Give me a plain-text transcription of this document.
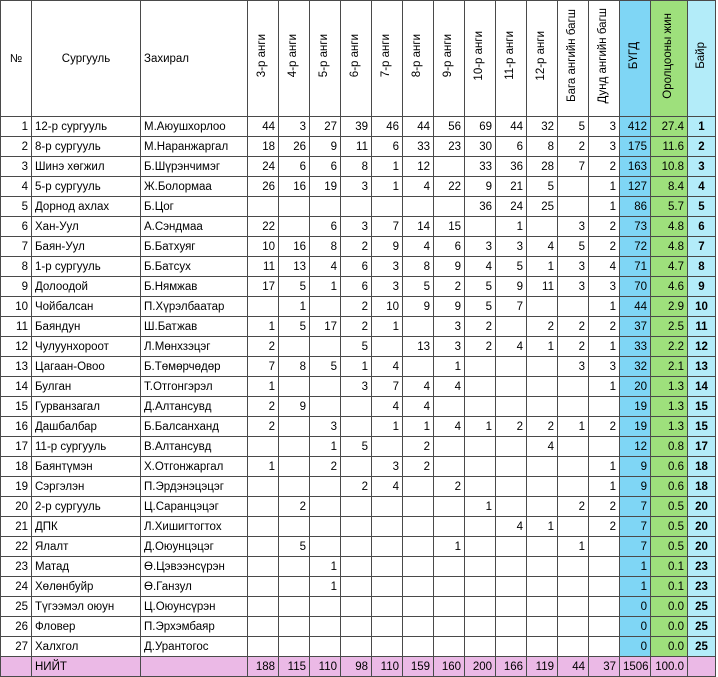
№	Сургууль	Захирал	3-р анги	4-р анги	5-р анги	6-р анги	7-р анги	8-р анги	9-р анги	10-р анги	11-р анги	12-р анги	Бага ангийн багш	Дунд ангийн багш	БҮГД	Оролцооны жин	Байр
1	12-р сургууль	М.Аюушхорлоо	44	3	27	39	46	44	56	69	44	32	5	3	412	27.4	1
2	8-р сургууль	М.Наранжаргал	18	26	9	11	6	33	23	30	6	8	2	3	175	11.6	2
3	Шинэ хөгжил	Б.Шүрэнчимэг	24	6	6	8	1	12		33	36	28	7	2	163	10.8	3
4	5-р сургууль	Ж.Болормаа	26	16	19	3	1	4	22	9	21	5		1	127	8.4	4
5	Дорнод ахлах	Б.Цог								36	24	25		1	86	5.7	5
6	Хан-Уул	А.Сэндмаа	22		6	3	7	14	15		1		3	2	73	4.8	6
7	Баян-Уул	Б.Батхуяг	10	16	8	2	9	4	6	3	3	4	5	2	72	4.8	7
8	1-р сургууль	Б.Батсух	11	13	4	6	3	8	9	4	5	1	3	4	71	4.7	8
9	Долоодой	Б.Нямжав	17	5	1	6	3	5	2	5	9	11	3	3	70	4.6	9
10	Чойбалсан	П.Хүрэлбаатар		1		2	10	9	9	5	7			1	44	2.9	10
11	Баяндун	Ш.Батжав	1	5	17	2	1		3	2		2	2	2	37	2.5	11
12	Чулуунхороот	Л.Мөнхзэцэг	2			5		13	3	2	4	1	2	1	33	2.2	12
13	Цагаан-Овоо	Б.Төмөрчөдөр	7	8	5	1	4		1				3	3	32	2.1	13
14	Булган	Т.Отгонгэрэл	1			3	7	4	4					1	20	1.3	14
15	Гурванзагал	Д.Алтансувд	2	9			4	4							19	1.3	15
16	Дашбалбар	Б.Балсанханд	2		3		1	1	4	1	2	2	1	2	19	1.3	15
17	11-р сургууль	В.Алтансувд			1	5		2				4			12	0.8	17
18	Баянтүмэн	Х.Отгонжаргал	1		2		3	2						1	9	0.6	18
19	Сэргэлэн	П.Эрдэнэцэцэг				2	4		2					1	9	0.6	18
20	2-р сургууль	Ц.Саранцэцэг		2						1			2	2	7	0.5	20
21	ДПК	Л.Хишигтогтох									4	1		2	7	0.5	20
22	Ялалт	Д.Оюунцэцэг		5					1				1		7	0.5	20
23	Матад	Ө.Цэвээнсүрэн			1										1	0.1	23
24	Хөлөнбуйр	Ө.Ганзул			1										1	0.1	23
25	Түгээмэл оюун	Ц.Оюунсүрэн													0	0.0	25
26	Фловер	П.Эрхэмбаяр													0	0.0	25
27	Халхгол	Д.Урантогос													0	0.0	25
	НИЙТ		188	115	110	98	110	159	160	200	166	119	44	37	1506	100.0	
